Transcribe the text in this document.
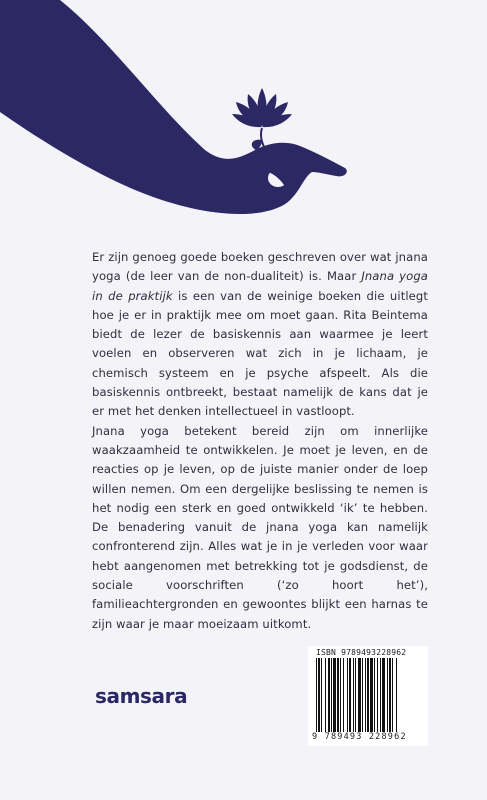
Er zijn genoeg goede boeken geschreven over wat jnana yoga (de leer van de non-dualiteit) is. Maar Jnana yoga in de praktijk is een van de weinige boeken die uitlegt hoe je er in praktijk mee om moet gaan. Rita Beintema biedt de lezer de basiskennis aan waarmee je leert voelen en observeren wat zich in je lichaam, je chemisch systeem en je psyche afspeelt. Als die basiskennis ontbreekt, bestaat namelijk de kans dat je er met het denken intellectueel in vastloopt.

Jnana yoga betekent bereid zijn om innerlijke waakzaamheid te ontwikkelen. Je moet je leven, en de reacties op je leven, op de juiste manier onder de loep willen nemen. Om een dergelijke beslissing te nemen is het nodig een sterk en goed ontwikkeld ‘ik’ te hebben. De benadering vanuit de jnana yoga kan namelijk confronterend zijn. Alles wat je in je verleden voor waar hebt aangenomen met betrekking tot je godsdienst, de sociale voorschriften (‘zo hoort het’), familieachtergronden en gewoontes blijkt een harnas te zijn waar je maar moeizaam uitkomt.

samsara
ISBN 9789493228962
9 789493 228962
